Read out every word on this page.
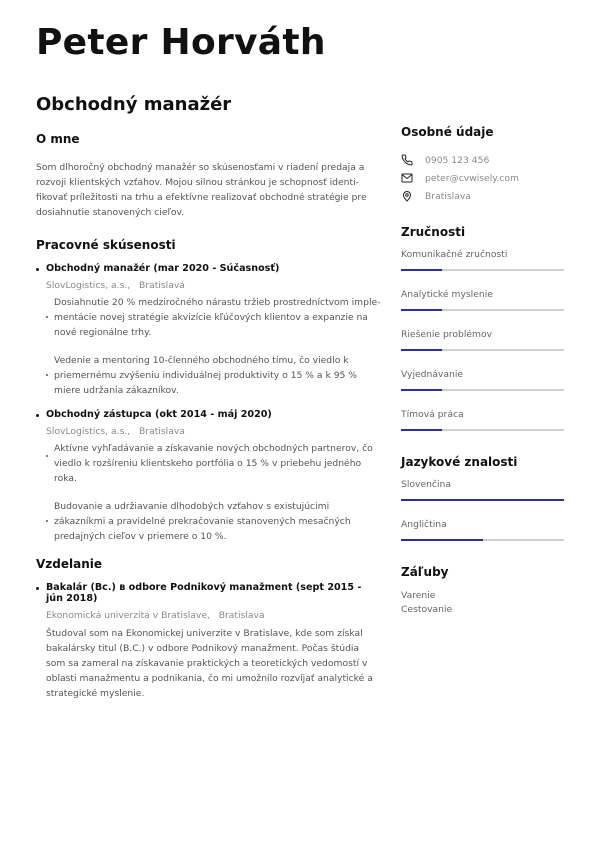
Peter Horváth
Obchodný manažér
O mne

Som dlhoročný obchodný manažér so skúsenosťami v riadení predaja a rozvoji klientských vzťahov. Mojou silnou stránkou je schopnosť identi-fikovať príležitosti na trhu a efektívne realizovať obchodné stratégie pre dosiahnutie stanovených cieľov.

Pracovné skúsenosti
Obchodný manažér (mar 2020 - Súčasnosť)
SlovLogistics, a.s., Bratislava

Dosiahnutie 20 % medziročného nárastu tržieb prostredníctvom imple-mentácie novej stratégie akvizície kľúčových klientov a expanzie na nové regionálne trhy.

Vedenie a mentoring 10-členného obchodného tímu, čo viedlo k priemernému zvýšeniu individuálnej produktivity o 15 % a k 95 % miere udržania zákazníkov.

Obchodný zástupca (okt 2014 - máj 2020)
SlovLogistics, a.s., Bratislava

Aktívne vyhľadávanie a získavanie nových obchodných partnerov, čo viedlo k rozšíreniu klientskeho portfólia o 15 % v priebehu jedného roka.

Budovanie a udržiavanie dlhodobých vzťahov s existujúcimi zákazníkmi a pravidelné prekračovanie stanovených mesačných predajných cieľov v priemere o 10 %.

Vzdelanie
Bakalár (Bc.) в odbore Podnikový manažment (sept 2015 - jún 2018)
Ekonomická univerzita v Bratislave, Bratislava

Študoval som na Ekonomickej univerzite v Bratislave, kde som získal bakalársky titul (B.C.) v odbore Podnikový manažment. Počas štúdia som sa zameral na získavanie praktických a teoretických vedomostí v oblasti manažmentu a podnikania, čo mi umožnilo rozvíjať analytické a strategické myslenie.

Osobné údaje
0905 123 456
peter@cvwisely.com
Bratislava
Zručnosti
Komunikačné zručnosti
Analytické myslenie
Riešenie problémov
Vyjednávanie
Tímová práca
Jazykové znalosti
Slovenčina
Angličtina
Záľuby
Varenie
Cestovanie
